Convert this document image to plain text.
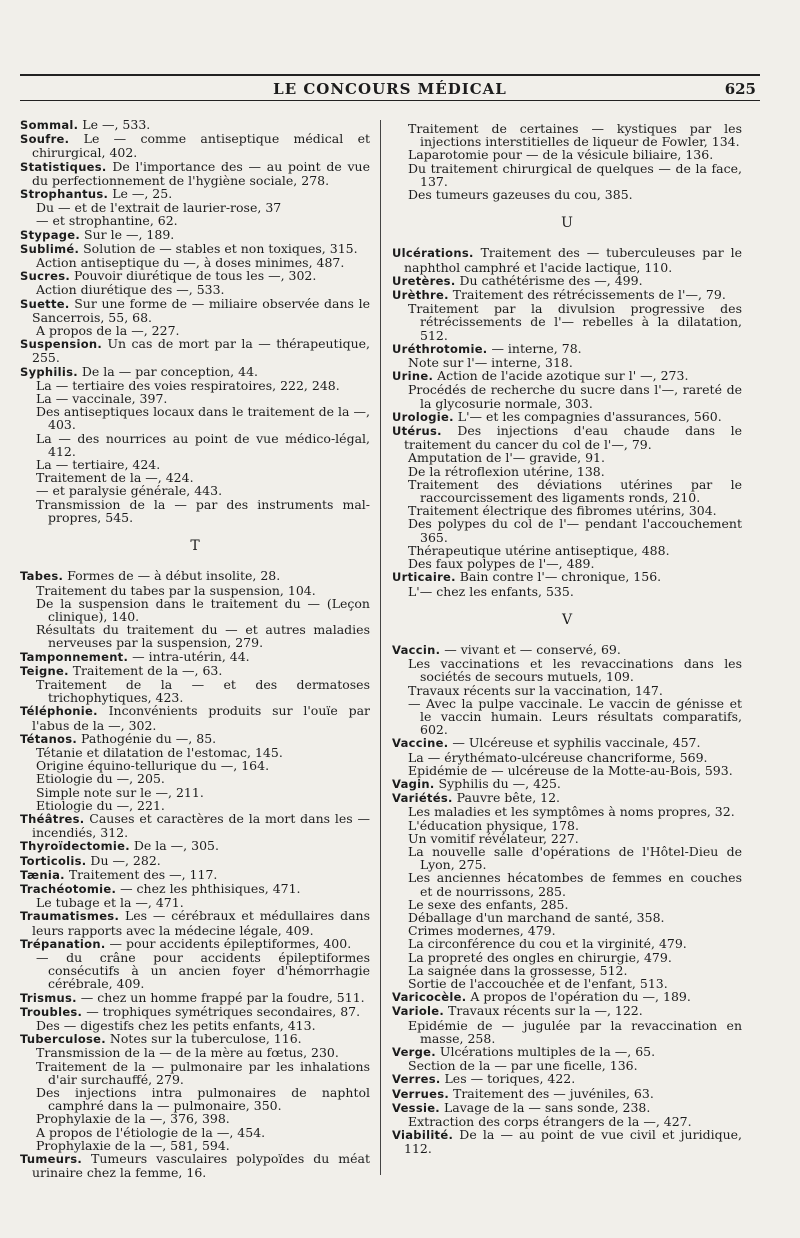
LE CONCOURS MÉDICAL	625
Sommal. Le —, 533.
Soufre. Le — comme antiseptique médical et chirurgical, 402.
Statistiques. De l'importance des — au point de vue du perfectionnement de l'hygiène sociale, 278.
Strophantus. Le —, 25.
Du — et de l'extrait de laurier-rose, 37
— et strophantine, 62.
Stypage. Sur le —, 189.
Sublimé. Solution de — stables et non toxiques, 315.
Action antiseptique du —, à doses minimes, 487.
Sucres. Pouvoir diurétique de tous les —, 302.
Action diurétique des —, 533.
Suette. Sur une forme de — miliaire observée dans le Sancerrois, 55, 68.
A propos de la —, 227.
Suspension. Un cas de mort par la — thérapeutique, 255.
Syphilis. De la — par conception, 44.
La — tertiaire des voies respiratoires, 222, 248.
La — vaccinale, 397.
Des antiseptiques locaux dans le traitement de la —, 403.
La — des nourrices au point de vue médico-légal, 412.
La — tertiaire, 424.
Traitement de la —, 424.
— et paralysie générale, 443.
Transmission de la — par des instruments mal-propres, 545.
T
Tabes. Formes de — à début insolite, 28.
Traitement du tabes par la suspension, 104.
De la suspension dans le traitement du — (Leçon clinique), 140.
Résultats du traitement du — et autres maladies nerveuses par la suspension, 279.
Tamponnement. — intra-utérin, 44.
Teigne. Traitement de la —, 63.
Traitement de la — et des dermatoses trichophytiques, 423.
Téléphonie. Inconvénients produits sur l'ouïe par l'abus de la —, 302.
Tétanos. Pathogénie du —, 85.
Tétanie et dilatation de l'estomac, 145.
Origine équino-tellurique du —, 164.
Etiologie du —, 205.
Simple note sur le —, 211.
Etiologie du —, 221.
Théâtres. Causes et caractères de la mort dans les — incendiés, 312.
Thyroïdectomie. De la —, 305.
Torticolis. Du —, 282.
Tænia. Traitement des —, 117.
Trachéotomie. — chez les phthisiques, 471.
Le tubage et la —, 471.
Traumatismes. Les — cérébraux et médullaires dans leurs rapports avec la médecine légale, 409.
Trépanation. — pour accidents épileptiformes, 400.
— du crâne pour accidents épileptiformes consécutifs à un ancien foyer d'hémorrhagie cérébrale, 409.
Trismus. — chez un homme frappé par la foudre, 511.
Troubles. — trophiques symétriques secondaires, 87.
Des — digestifs chez les petits enfants, 413.
Tuberculose. Notes sur la tuberculose, 116.
Transmission de la — de la mère au fœtus, 230.
Traitement de la — pulmonaire par les inhalations d'air surchauffé, 279.
Des injections intra pulmonaires de naphtol camphré dans la — pulmonaire, 350.
Prophylaxie de la —, 376, 398.
A propos de l'étiologie de la —, 454.
Prophylaxie de la —, 581, 594.
Tumeurs. Tumeurs vasculaires polypoïdes du méat urinaire chez la femme, 16.
Traitement de certaines — kystiques par les injections interstitielles de liqueur de Fowler, 134.
Laparotomie pour — de la vésicule biliaire, 136.
Du traitement chirurgical de quelques — de la face, 137.
Des tumeurs gazeuses du cou, 385.
U
Ulcérations. Traitement des — tuberculeuses par le naphthol camphré et l'acide lactique, 110.
Uretères. Du cathétérisme des —, 499.
Urèthre. Traitement des rétrécissements de l'—, 79.
Traitement par la divulsion progressive des rétrécissements de l'— rebelles à la dilatation, 512.
Uréthrotomie. — interne, 78.
Note sur l'— interne, 318.
Urine. Action de l'acide azotique sur l' —, 273.
Procédés de recherche du sucre dans l'—, rareté de la glycosurie normale, 303.
Urologie. L'— et les compagnies d'assurances, 560.
Utérus. Des injections d'eau chaude dans le traitement du cancer du col de l'—, 79.
Amputation de l'— gravide, 91.
De la rétroflexion utérine, 138.
Traitement des déviations utérines par le raccourcissement des ligaments ronds, 210.
Traitement électrique des fibromes utérins, 304.
Des polypes du col de l'— pendant l'accouchement 365.
Thérapeutique utérine antiseptique, 488.
Des faux polypes de l'—, 489.
Urticaire. Bain contre l'— chronique, 156.
L'— chez les enfants, 535.
V
Vaccin. — vivant et — conservé, 69.
Les vaccinations et les revaccinations dans les sociétés de secours mutuels, 109.
Travaux récents sur la vaccination, 147.
— Avec la pulpe vaccinale. Le vaccin de génisse et le vaccin humain. Leurs résultats comparatifs, 602.
Vaccine. — Ulcéreuse et syphilis vaccinale, 457.
La — érythémato-ulcéreuse chancriforme, 569.
Epidémie de — ulcéreuse de la Motte-au-Bois, 593.
Vagin. Syphilis du —, 425.
Variétés. Pauvre bête, 12.
Les maladies et les symptômes à noms propres, 32.
L'éducation physique, 178.
Un vomitif révélateur, 227.
La nouvelle salle d'opérations de l'Hôtel-Dieu de Lyon, 275.
Les anciennes hécatombes de femmes en couches et de nourrissons, 285.
Le sexe des enfants, 285.
Déballage d'un marchand de santé, 358.
Crimes modernes, 479.
La circonférence du cou et la virginité, 479.
La propreté des ongles en chirurgie, 479.
La saignée dans la grossesse, 512.
Sortie de l'accouchée et de l'enfant, 513.
Varicocèle. A propos de l'opération du —, 189.
Variole. Travaux récents sur la —, 122.
Epidémie de — jugulée par la revaccination en masse, 258.
Verge. Ulcérations multiples de la —, 65.
Section de la — par une ficelle, 136.
Verres. Les — toriques, 422.
Verrues. Traitement des — juvéniles, 63.
Vessie. Lavage de la — sans sonde, 238.
Extraction des corps étrangers de la —, 427.
Viabilité. De la — au point de vue civil et juridique, 112.
